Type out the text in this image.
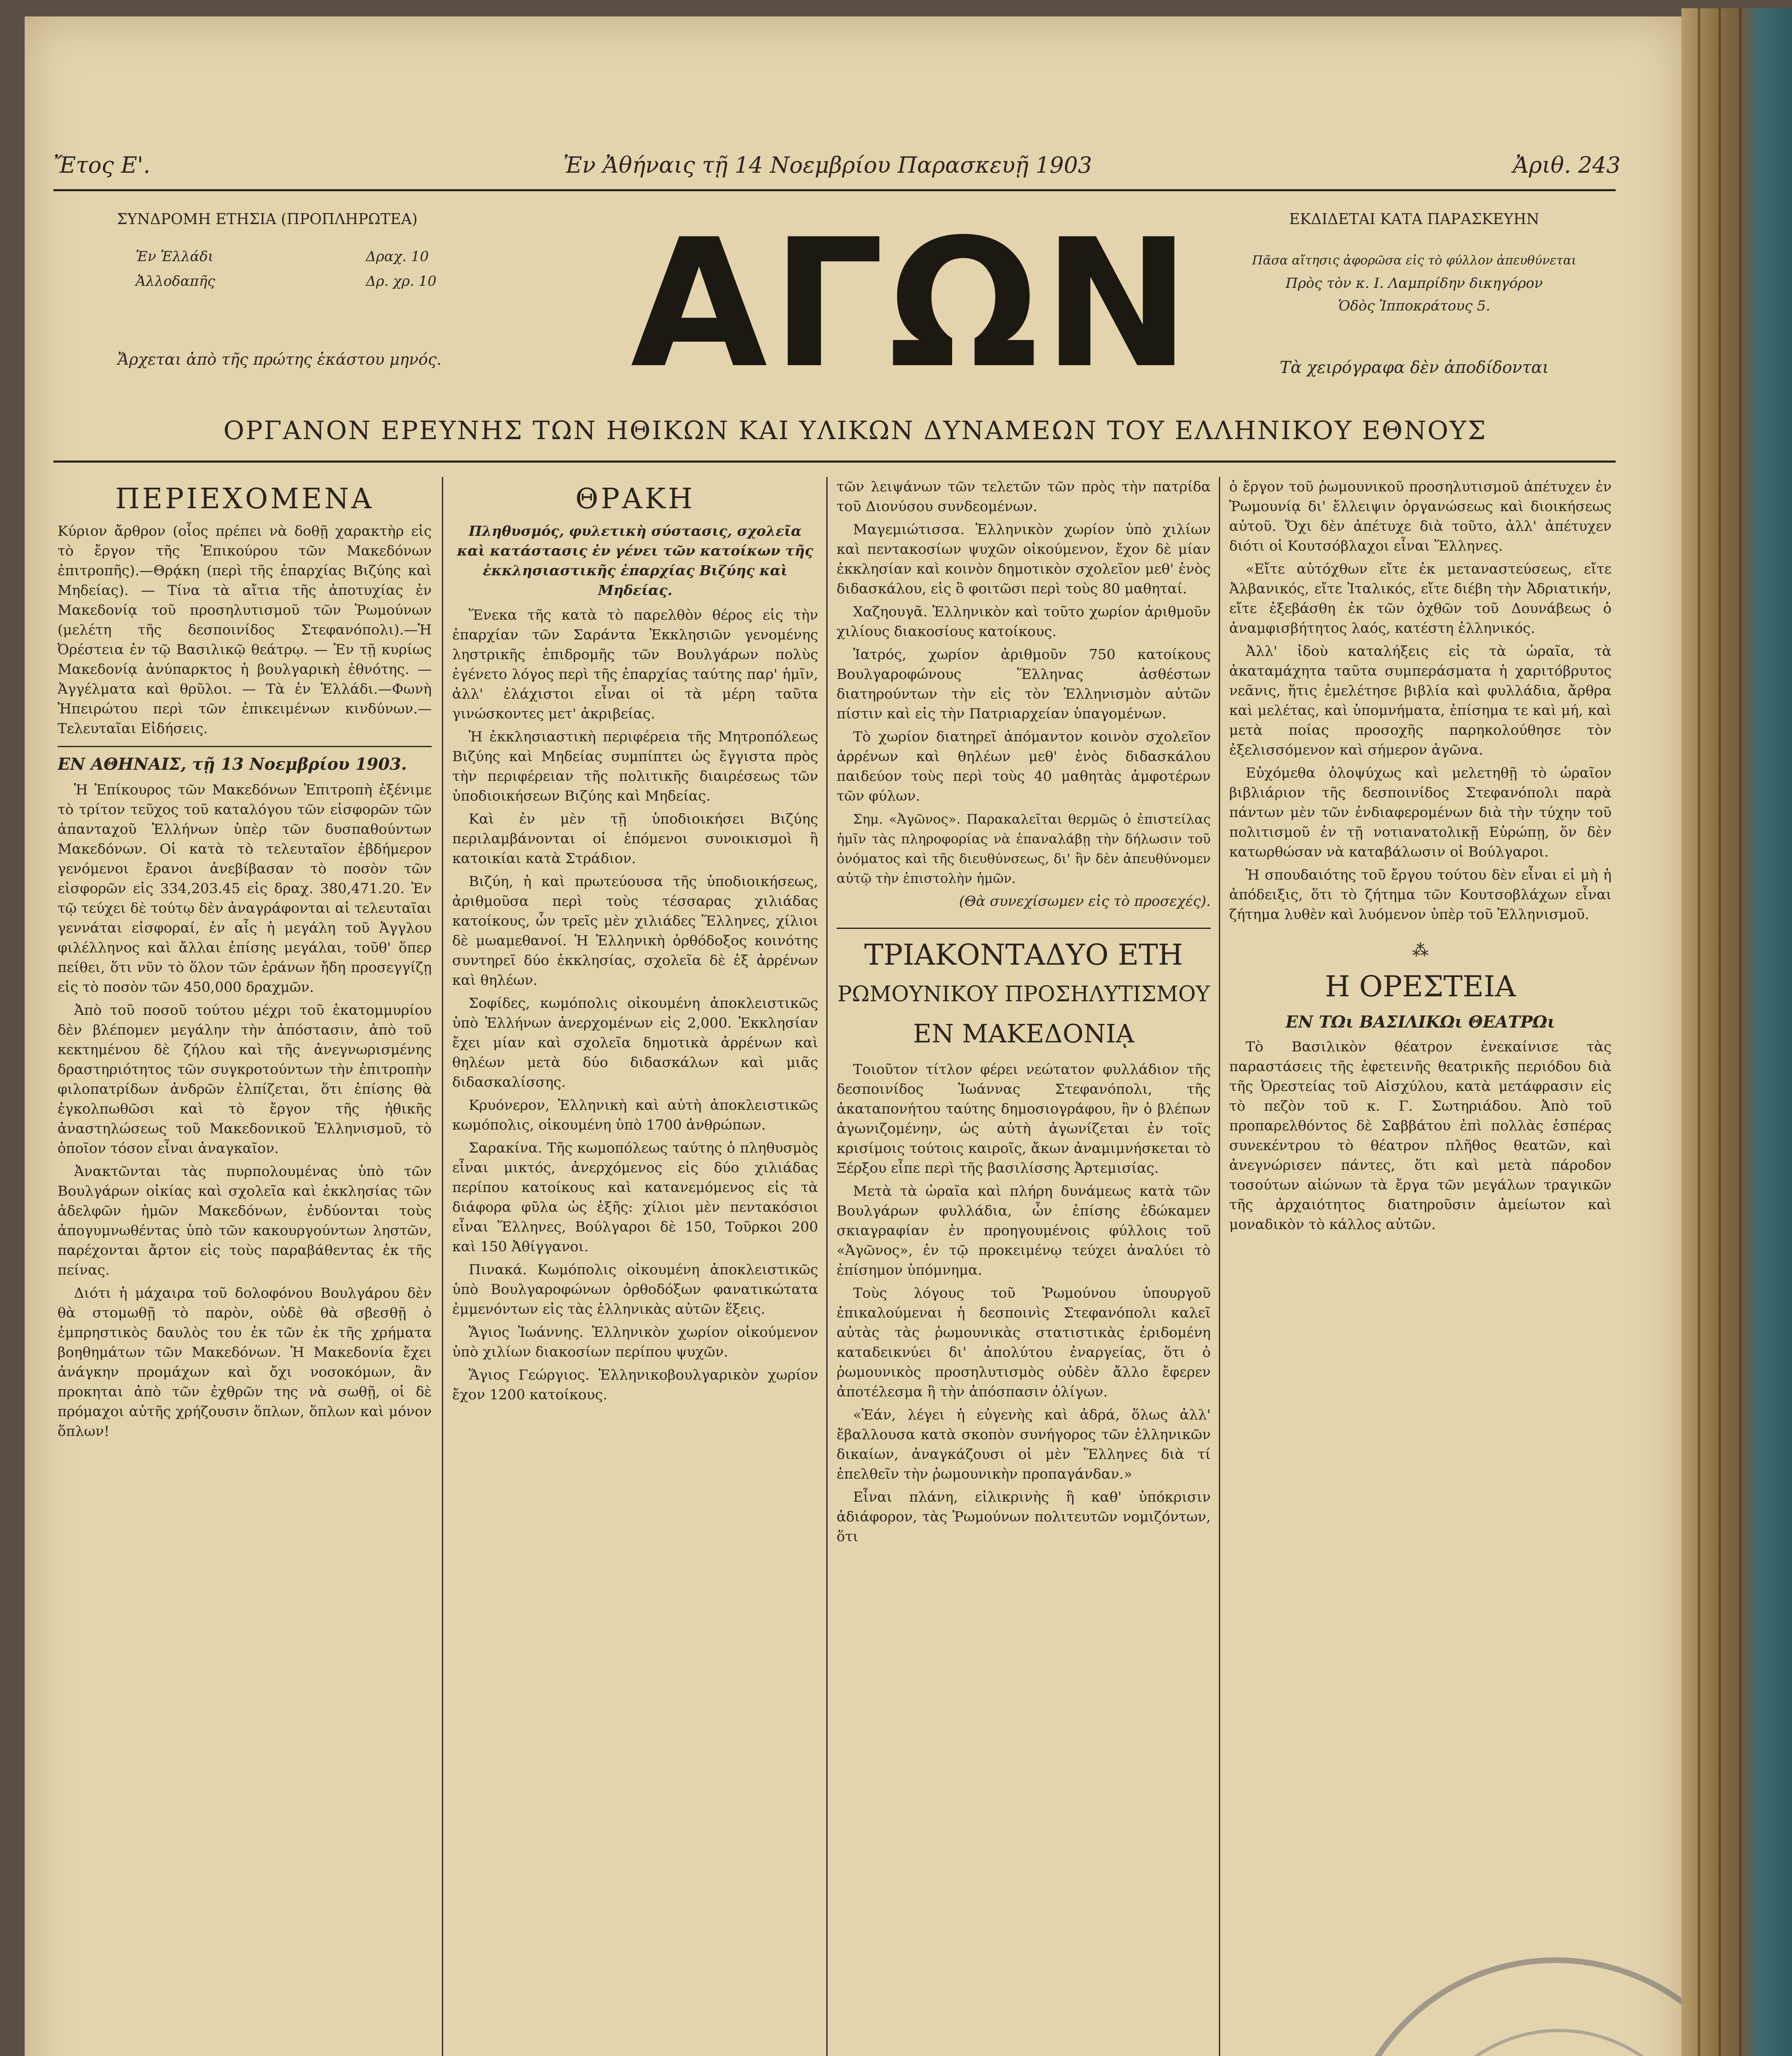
Ἔτος Ε'.	Ἐν Ἀθήναις τῇ 14 Νοεμβρίου Παρασκευῇ 1903	Ἀριθ. 243
ΣΥΝΔΡΟΜΗ ΕΤΗΣΙΑ (ΠΡΟΠΛΗΡΩΤΕΑ)
Ἐν Ἑλλάδι	Δραχ. 10
Ἀλλοδαπῆς	Δρ. χρ. 10
Ἄρχεται ἀπὸ τῆς πρώτης ἑκάστου μηνός. ΑΓΩΝ	ΕΚΔΙΔΕΤΑΙ ΚΑΤΑ ΠΑΡΑΣΚΕΥΗΝ
Πᾶσα αἴτησις ἀφορῶσα εἰς τὸ φύλλον ἀπευθύνεται
Πρὸς τὸν κ. Ι. Λαμπρίδην δικηγόρον
Ὁδὸς Ἱπποκράτους 5.
Τὰ χειρόγραφα δὲν ἀποδίδονται
ΟΡΓΑΝΟΝ ΕΡΕΥΝΗΣ ΤΩΝ ΗΘΙΚΩΝ ΚΑΙ ΥΛΙΚΩΝ ΔΥΝΑΜΕΩΝ ΤΟΥ ΕΛΛΗΝΙΚΟΥ ΕΘΝΟΥΣ
ΠΕΡΙΕΧΟΜΕΝΑ

Κύριον ἄρθρον (οἷος πρέπει νὰ δοθῇ χαρακτὴρ εἰς τὸ ἔργον τῆς Ἐπικούρου τῶν Μακεδόνων ἐπιτροπῆς).—Θρᾴκη (περὶ τῆς ἐπαρχίας Βιζύης καὶ Μηδείας). — Τίνα τὰ αἴτια τῆς ἀποτυχίας ἐν Μακεδονίᾳ τοῦ προσηλυτισμοῦ τῶν Ῥωμούνων (μελέτη τῆς δεσποινίδος Στεφανόπολι).—Ἡ Ὀρέστεια ἐν τῷ Βασιλικῷ θεάτρῳ. — Ἐν τῇ κυρίως Μακεδονίᾳ ἀνύπαρκτος ἡ βουλγαρικὴ ἐθνότης. — Ἀγγέλματα καὶ θρῦλοι. — Τὰ ἐν Ἑλλάδι.—Φωνὴ Ἠπειρώτου περὶ τῶν ἐπικειμένων κινδύνων.—Τελευταῖαι Εἰδήσεις.

ΕΝ ΑΘΗΝΑΙΣ, τῇ 13 Νοεμβρίου 1903.

Ἡ Ἐπίκουρος τῶν Μακεδόνων Ἐπιτροπὴ ἐξένιμε τὸ τρίτον τεῦχος τοῦ καταλόγου τῶν εἰσφορῶν τῶν ἁπανταχοῦ Ἑλλήνων ὑπὲρ τῶν δυσπαθούντων Μακεδόνων. Οἱ κατὰ τὸ τελευταῖον ἐβδήμερον γενόμενοι ἔρανοι ἀνεβίβασαν τὸ ποσὸν τῶν εἰσφορῶν εἰς 334,203.45 εἰς δραχ. 380,471.20. Ἐν τῷ τεύχει δὲ τούτῳ δὲν ἀναγράφονται αἱ τελευταῖαι γεννάται εἰσφοραί, ἐν αἷς ἡ μεγάλη τοῦ Ἀγγλου φιλέλληνος καὶ ἄλλαι ἐπίσης μεγάλαι, τοῦθ' ὅπερ πείθει, ὅτι νῦν τὸ ὅλον τῶν ἐράνων ἤδη προσεγγίζῃ εἰς τὸ ποσὸν τῶν 450,000 δραχμῶν.

Ἀπὸ τοῦ ποσοῦ τούτου μέχρι τοῦ ἑκατομμυρίου δὲν βλέπομεν μεγάλην τὴν ἀπόστασιν, ἀπὸ τοῦ κεκτημένου δὲ ζήλου καὶ τῆς ἀνεγνωρισμένης δραστηριότητος τῶν συγκροτούντων τὴν ἐπιτροπὴν φιλοπατρίδων ἀνδρῶν ἐλπίζεται, ὅτι ἐπίσης θὰ ἐγκολπωθῶσι καὶ τὸ ἔργον τῆς ἠθικῆς ἀναστηλώσεως τοῦ Μακεδονικοῦ Ἑλληνισμοῦ, τὸ ὁποῖον τόσον εἶναι ἀναγκαῖον.

Ἀνακτῶνται τὰς πυρπολουμένας ὑπὸ τῶν Βουλγάρων οἰκίας καὶ σχολεῖα καὶ ἐκκλησίας τῶν ἀδελφῶν ἡμῶν Μακεδόνων, ἐνδύονται τοὺς ἀπογυμνωθέντας ὑπὸ τῶν κακουργούντων ληστῶν, παρέχονται ἄρτον εἰς τοὺς παραβάθεντας ἐκ τῆς πείνας.

Διότι ἡ μάχαιρα τοῦ δολοφόνου Βουλγάρου δὲν θὰ στομωθῇ τὸ παρὸν, οὐδὲ θὰ σβεσθῇ ὁ ἐμπρηστικὸς δαυλὸς του ἐκ τῶν ἐκ τῆς χρήματα βοηθημάτων τῶν Μακεδόνων. Ἡ Μακεδονία ἔχει ἀνάγκην προμάχων καὶ ὄχι νοσοκόμων, ἂν προκηται ἀπὸ τῶν ἐχθρῶν της νὰ σωθῇ, οἱ δὲ πρόμαχοι αὐτῆς χρήζουσιν ὅπλων, ὅπλων καὶ μόνον ὅπλων!

ΘΡΑΚΗ
Πληθυσμός, φυλετικὴ σύστασις, σχολεῖα καὶ κατάστασις ἐν γένει τῶν κατοίκων τῆς ἐκκλησιαστικῆς ἐπαρχίας Βιζύης καὶ Μηδείας.

Ἕνεκα τῆς κατὰ τὸ παρελθὸν θέρος εἰς τὴν ἐπαρχίαν τῶν Σαράντα Ἐκκλησιῶν γενομένης ληστρικῆς ἐπιδρομῆς τῶν Βουλγάρων πολὺς ἐγένετο λόγος περὶ τῆς ἐπαρχίας ταύτης παρ' ἡμῖν, ἀλλ' ἐλάχιστοι εἶναι οἱ τὰ μέρη ταῦτα γινώσκοντες μετ' ἀκριβείας.

Ἡ ἐκκλησιαστικὴ περιφέρεια τῆς Μητροπόλεως Βιζύης καὶ Μηδείας συμπίπτει ὡς ἔγγιστα πρὸς τὴν περιφέρειαν τῆς πολιτικῆς διαιρέσεως τῶν ὑποδιοικήσεων Βιζύης καὶ Μηδείας.

Καὶ ἐν μὲν τῇ ὑποδιοικήσει Βιζύης περιλαμβάνονται οἱ ἑπόμενοι συνοικισμοὶ ἢ κατοικίαι κατὰ Στράδιον.

Βιζύη, ἡ καὶ πρωτεύουσα τῆς ὑποδιοικήσεως, ἀριθμοῦσα περὶ τοὺς τέσσαρας χιλιάδας κατοίκους, ὧν τρεῖς μὲν χιλιάδες Ἕλληνες, χίλιοι δὲ μωαμεθανοί. Ἡ Ἑλληνικὴ ὀρθόδοξος κοινότης συντηρεῖ δύο ἐκκλησίας, σχολεῖα δὲ ἐξ ἀρρένων καὶ θηλέων.

Σοφίδες, κωμόπολις οἰκουμένη ἀποκλειστικῶς ὑπὸ Ἑλλήνων ἀνερχομένων εἰς 2,000. Ἐκκλησίαν ἔχει μίαν καὶ σχολεῖα δημοτικὰ ἀρρένων καὶ θηλέων μετὰ δύο διδασκάλων καὶ μιᾶς διδασκαλίσσης.

Κρυόνερον, Ἑλληνικὴ καὶ αὐτὴ ἀποκλειστικῶς κωμόπολις, οἰκουμένη ὑπὸ 1700 ἀνθρώπων.

Σαρακίνα. Τῆς κωμοπόλεως ταύτης ὁ πληθυσμὸς εἶναι μικτός, ἀνερχόμενος εἰς δύο χιλιάδας περίπου κατοίκους καὶ κατανεμόμενος εἰς τὰ διάφορα φῦλα ὡς ἑξῆς: χίλιοι μὲν πεντακόσιοι εἶναι Ἕλληνες, Βούλγαροι δὲ 150, Τοῦρκοι 200 καὶ 150 Ἀθίγγανοι.

Πινακά. Κωμόπολις οἰκουμένη ἀποκλειστικῶς ὑπὸ Βουλγαροφώνων ὀρθοδόξων φανατικώτατα ἐμμενόντων εἰς τὰς ἑλληνικὰς αὐτῶν ἕξεις.

Ἅγιος Ἰωάννης. Ἑλληνικὸν χωρίον οἰκούμενον ὑπὸ χιλίων διακοσίων περίπου ψυχῶν.

Ἅγιος Γεώργιος. Ἑλληνικοβουλγαρικὸν χωρίον ἔχον 1200 κατοίκους.

τῶν λειψάνων τῶν τελετῶν τῶν πρὸς τὴν πατρίδα τοῦ Διονύσου συνδεομένων.

Μαγεμιώτισσα. Ἑλληνικὸν χωρίον ὑπὸ χιλίων καὶ πεντακοσίων ψυχῶν οἰκούμενον, ἔχον δὲ μίαν ἐκκλησίαν καὶ κοινὸν δημοτικὸν σχολεῖον μεθ' ἑνὸς διδασκάλου, εἰς ὃ φοιτῶσι περὶ τοὺς 80 μαθηταί.

Χαζηουγᾶ. Ἑλληνικὸν καὶ τοῦτο χωρίον ἀριθμοῦν χιλίους διακοσίους κατοίκους.

Ἰατρός, χωρίον ἀριθμοῦν 750 κατοίκους Βουλγαροφώνους Ἕλληνας ἀσθέστων διατηρούντων τὴν εἰς τὸν Ἑλληνισμὸν αὐτῶν πίστιν καὶ εἰς τὴν Πατριαρχείαν ὑπαγομένων.

Τὸ χωρίον διατηρεῖ ἀπόμαντον κοινὸν σχολεῖον ἀρρένων καὶ θηλέων μεθ' ἑνὸς διδασκάλου παιδεύον τοὺς περὶ τοὺς 40 μαθητὰς ἀμφοτέρων τῶν φύλων.

Σημ. «Ἀγῶνος». Παρακαλεῖται θερμῶς ὁ ἐπιστείλας ἡμῖν τὰς πληροφορίας νὰ ἐπαναλάβῃ τὴν δήλωσιν τοῦ ὀνόματος καὶ τῆς διευθύνσεως, δι' ἣν δὲν ἀπευθύνομεν αὐτῷ τὴν ἐπιστολὴν ἡμῶν.

(Θὰ συνεχίσωμεν εἰς τὸ προσεχές).
ΤΡΙΑΚΟΝΤΑΔΥΟ ΕΤΗ
ΡΩΜΟΥΝΙΚΟΥ ΠΡΟΣΗΛΥΤΙΣΜΟΥ
ΕΝ ΜΑΚΕΔΟΝΙᾼ

Τοιοῦτον τίτλον φέρει νεώτατον φυλλάδιον τῆς δεσποινίδος Ἰωάννας Στεφανόπολι, τῆς ἀκαταπονήτου ταύτης δημοσιογράφου, ἣν ὁ βλέπων ἀγωνιζομένην, ὡς αὐτὴ ἀγωνίζεται ἐν τοῖς κρισίμοις τούτοις καιροῖς, ἄκων ἀναμιμνήσκεται τὸ Ξέρξου εἶπε περὶ τῆς βασιλίσσης Ἀρτεμισίας.

Μετὰ τὰ ὡραῖα καὶ πλήρη δυνάμεως κατὰ τῶν Βουλγάρων φυλλάδια, ὧν ἐπίσης ἐδώκαμεν σκιαγραφίαν ἐν προηγουμένοις φύλλοις τοῦ «Ἀγῶνος», ἐν τῷ προκειμένῳ τεύχει ἀναλύει τὸ ἐπίσημον ὑπόμνημα.

Τοὺς λόγους τοῦ Ῥωμούνου ὑπουργοῦ ἐπικαλούμεναι ἡ δεσποινὶς Στεφανόπολι καλεῖ αὐτὰς τὰς ῥωμουνικὰς στατιστικὰς ἐριδομένη καταδεικνύει δι' ἀπολύτου ἐναργείας, ὅτι ὁ ῥωμουνικὸς προσηλυτισμὸς οὐδὲν ἄλλο ἔφερεν ἀποτέλεσμα ἢ τὴν ἀπόσπασιν ὀλίγων.

«Ἐάν, λέγει ἡ εὐγενὴς καὶ ἀδρά, ὅλως ἀλλ' ἔβαλλουσα κατὰ σκοπὸν συνήγορος τῶν ἑλληνικῶν δικαίων, ἀναγκάζουσι οἱ μὲν Ἕλληνες διὰ τί ἐπελθεῖν τὴν ῥωμουνικὴν προπαγάνδαν.»

Εἶναι πλάνη, εἰλικρινὴς ἢ καθ' ὑπόκρισιν ἀδιάφορον, τὰς Ῥωμούνων πολιτευτῶν νομιζόντων, ὅτι

ὁ ἔργον τοῦ ῥωμουνικοῦ προσηλυτισμοῦ ἀπέτυχεν ἐν Ῥωμουνίᾳ δι' ἔλλειψιν ὀργανώσεως καὶ διοικήσεως αὐτοῦ. Ὄχι δὲν ἀπέτυχε διὰ τοῦτο, ἀλλ' ἀπέτυχεν διότι οἱ Κουτσόβλαχοι εἶναι Ἕλληνες.

«Εἴτε αὐτόχθων εἴτε ἐκ μεταναστεύσεως, εἴτε Ἀλβανικός, εἴτε Ἰταλικός, εἴτε διέβη τὴν Ἀδριατικήν, εἴτε ἐξεβάσθη ἐκ τῶν ὀχθῶν τοῦ Δουνάβεως ὁ ἀναμφισβήτητος λαός, κατέστη ἑλληνικός.

Ἀλλ' ἰδοὺ καταλήξεις εἰς τὰ ὡραῖα, τὰ ἀκαταμάχητα ταῦτα συμπεράσματα ἡ χαριτόβρυτος νεᾶνις, ἥτις ἐμελέτησε βιβλία καὶ φυλλάδια, ἄρθρα καὶ μελέτας, καὶ ὑπομνήματα, ἐπίσημα τε καὶ μή, καὶ μετὰ ποίας προσοχῆς παρηκολούθησε τὸν ἐξελισσόμενον καὶ σήμερον ἀγῶνα.

Εὐχόμεθα ὁλοψύχως καὶ μελετηθῇ τὸ ὡραῖον βιβλιάριον τῆς δεσποινίδος Στεφανόπολι παρὰ πάντων μὲν τῶν ἐνδιαφερομένων διὰ τὴν τύχην τοῦ πολιτισμοῦ ἐν τῇ νοτιανατολικῇ Εὐρώπῃ, ὅν δὲν κατωρθώσαν νὰ καταβάλωσιν οἱ Βούλγαροι.

Ἡ σπουδαιότης τοῦ ἔργου τούτου δὲν εἶναι εἰ μὴ ἡ ἀπόδειξις, ὅτι τὸ ζήτημα τῶν Κουτσοβλάχων εἶναι ζήτημα λυθὲν καὶ λυόμενον ὑπὲρ τοῦ Ἑλληνισμοῦ.

⁂
Η ΟΡΕΣΤΕΙΑ
ΕΝ ΤΩι ΒΑΣΙΛΙΚΩι ΘΕΑΤΡΩι

Τὸ Βασιλικὸν θέατρον ἐνεκαίνισε τὰς παραστάσεις τῆς ἐφετεινῆς θεατρικῆς περιόδου διὰ τῆς Ὀρεστείας τοῦ Αἰσχύλου, κατὰ μετάφρασιν εἰς τὸ πεζὸν τοῦ κ. Γ. Σωτηριάδου. Ἀπὸ τοῦ προπαρελθόντος δὲ Σαββάτου ἐπὶ πολλὰς ἑσπέρας συνεκέντρου τὸ θέατρον πλῆθος θεατῶν, καὶ ἀνεγνώρισεν πάντες, ὅτι καὶ μετὰ πάροδον τοσούτων αἰώνων τὰ ἔργα τῶν μεγάλων τραγικῶν τῆς ἀρχαιότητος διατηροῦσιν ἀμείωτον καὶ μοναδικὸν τὸ κάλλος αὐτῶν.
